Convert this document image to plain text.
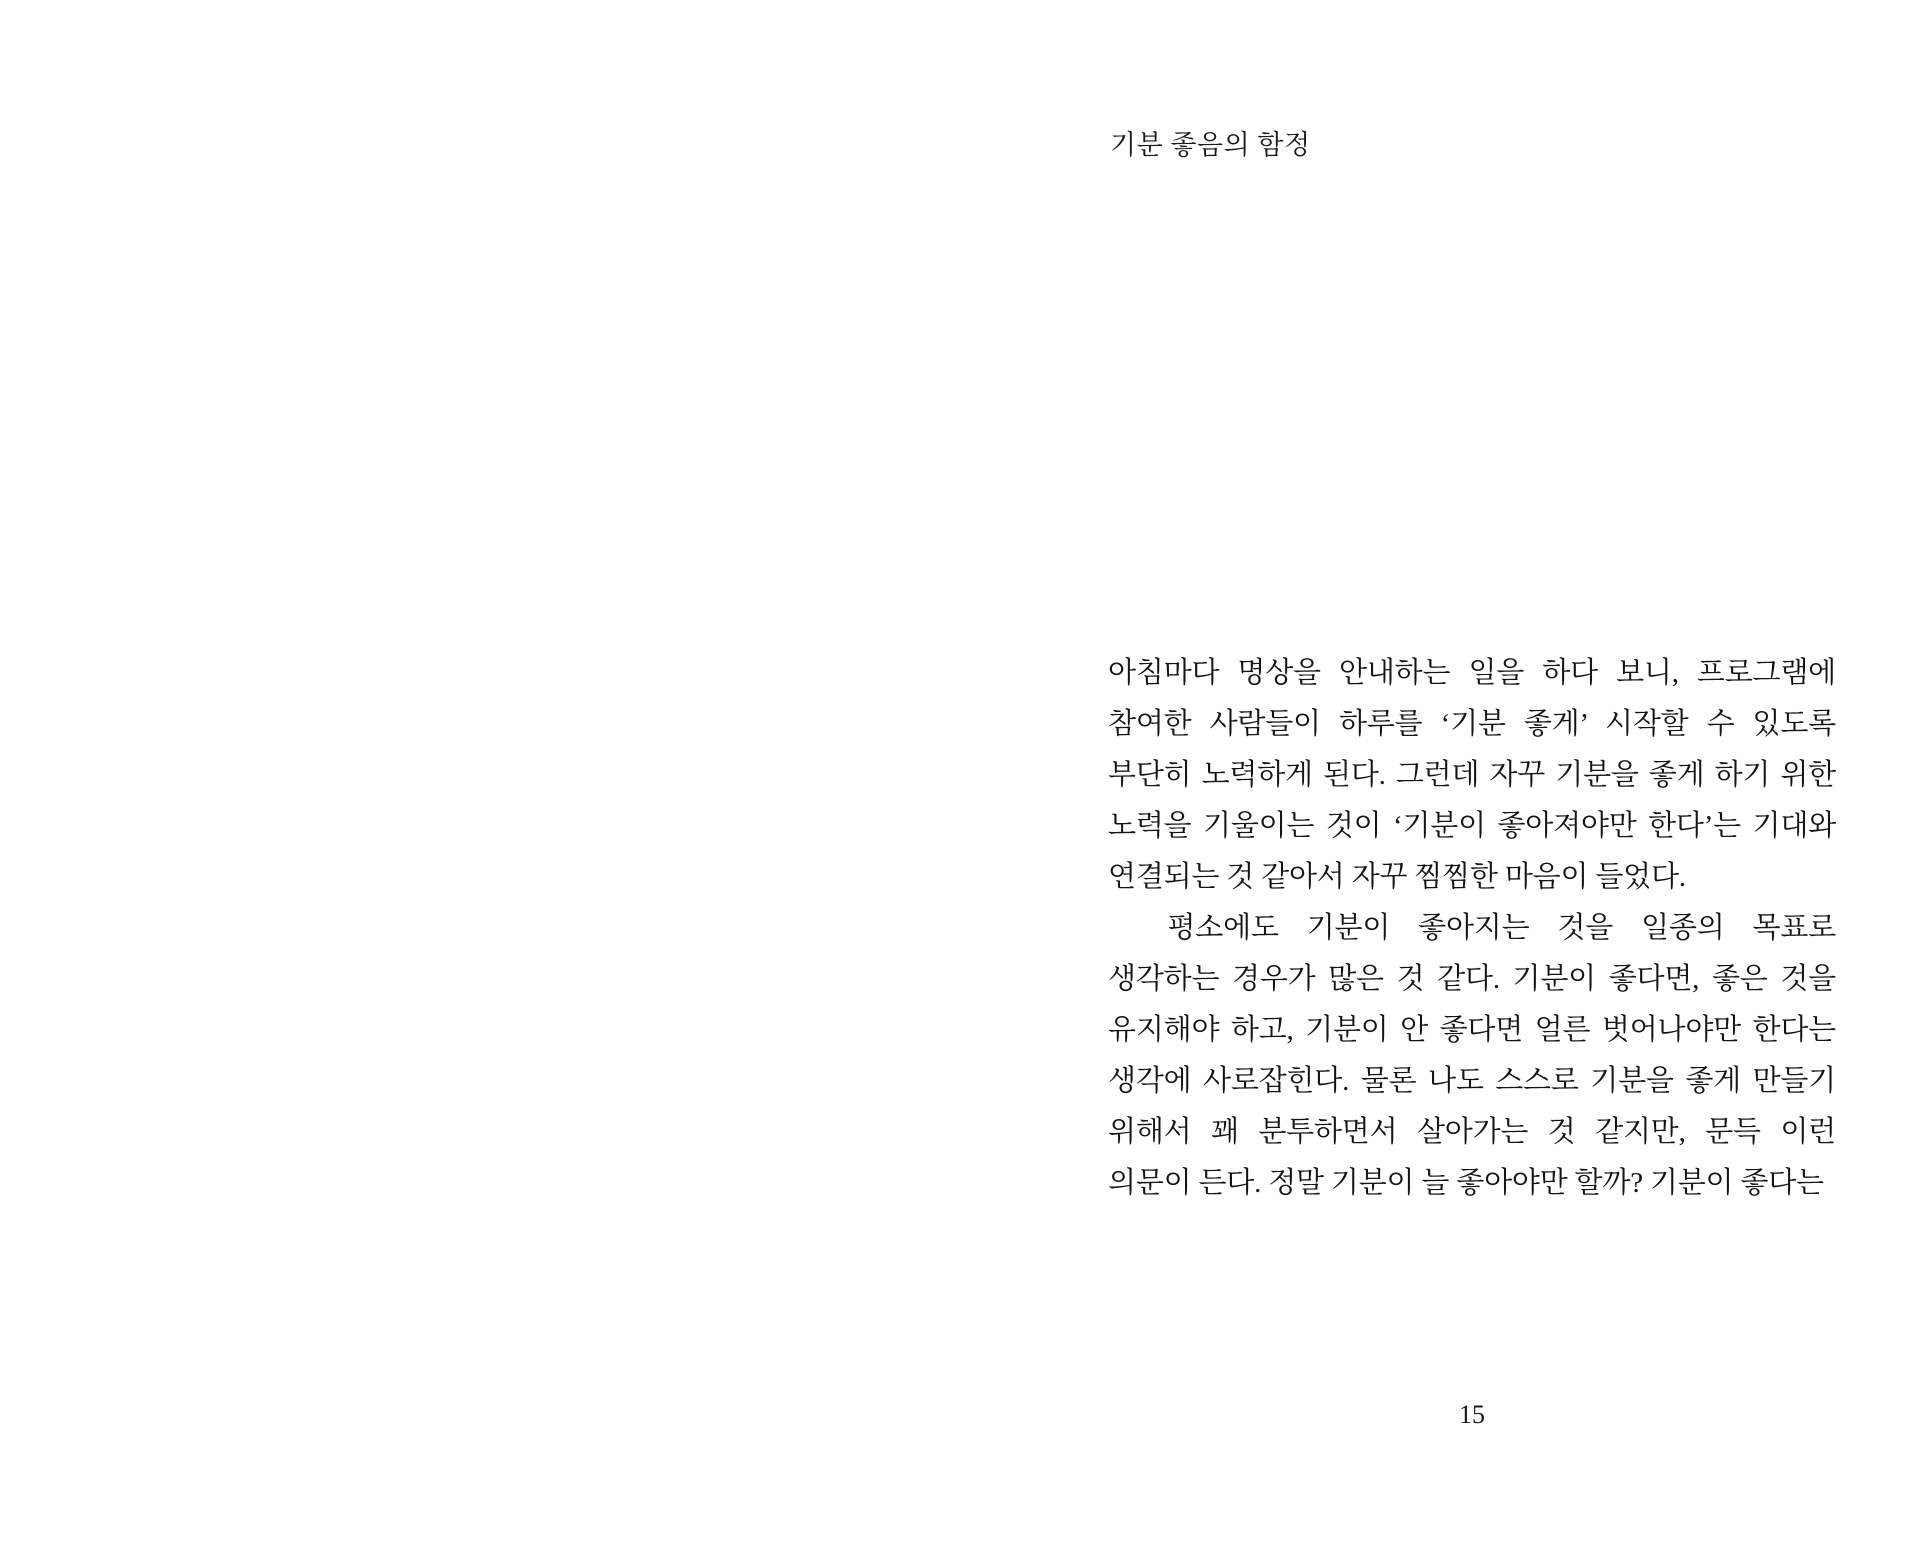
기분 좋음의 함정

아침마다 명상을 안내하는 일을 하다 보니, 프로그램에 참여한 사람들이 하루를 ‘기분 좋게’ 시작할 수 있도록 부단히 노력하게 된다. 그런데 자꾸 기분을 좋게 하기 위한 노력을 기울이는 것이 ‘기분이 좋아져야만 한다’는 기대와 연결되는 것 같아서 자꾸 찜찜한 마음이 들었다.

평소에도 기분이 좋아지는 것을 일종의 목표로 생각하는 경우가 많은 것 같다. 기분이 좋다면, 좋은 것을 유지해야 하고, 기분이 안 좋다면 얼른 벗어나야만 한다는 생각에 사로잡힌다. 물론 나도 스스로 기분을 좋게 만들기 위해서 꽤 분투하면서 살아가는 것 같지만, 문득 이런 의문이 든다. 정말 기분이 늘 좋아야만 할까? 기분이 좋다는

15
